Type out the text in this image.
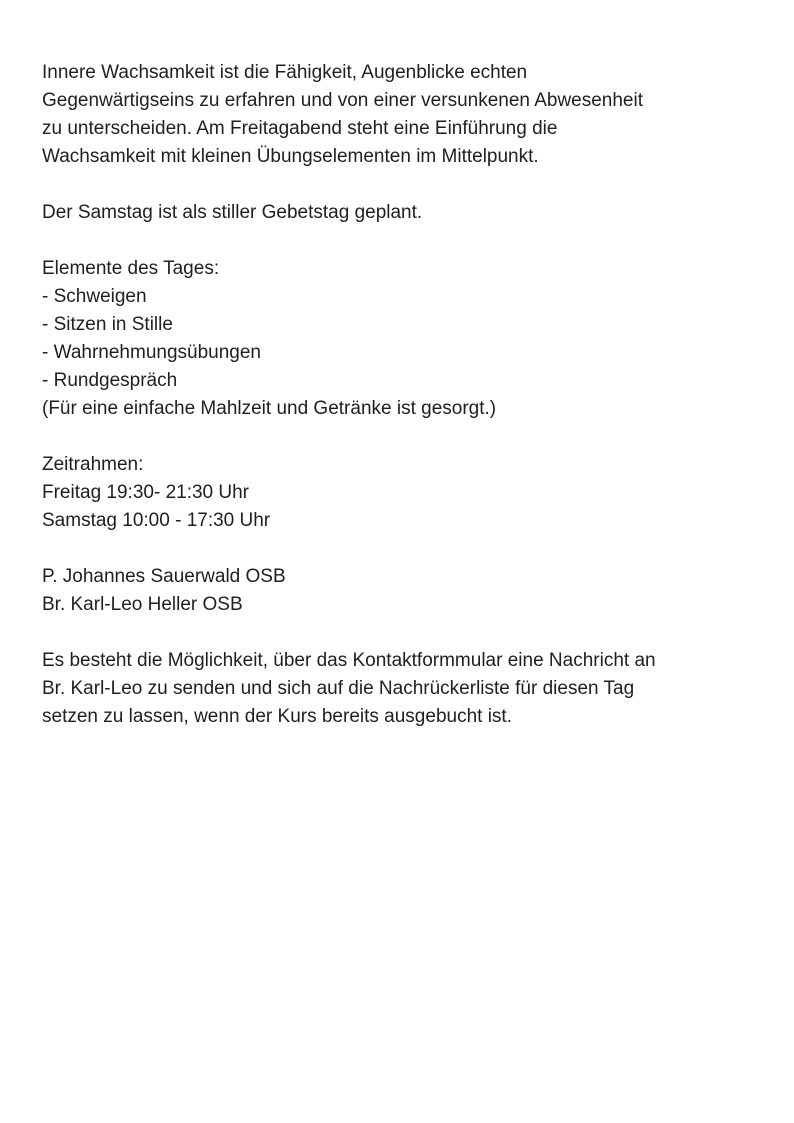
Innere Wachsamkeit ist die Fähigkeit, Augenblicke echten
Gegenwärtigseins zu erfahren und von einer versunkenen Abwesenheit
zu unterscheiden. Am Freitagabend steht eine Einführung die
Wachsamkeit mit kleinen Übungselementen im Mittelpunkt.

Der Samstag ist als stiller Gebetstag geplant.

Elemente des Tages:
- Schweigen
- Sitzen in Stille
- Wahrnehmungsübungen
- Rundgespräch
(Für eine einfache Mahlzeit und Getränke ist gesorgt.)

Zeitrahmen:
Freitag 19:30- 21:30 Uhr
Samstag 10:00 - 17:30 Uhr

P. Johannes Sauerwald OSB
Br. Karl-Leo Heller OSB

Es besteht die Möglichkeit, über das Kontaktformmular eine Nachricht an
Br. Karl-Leo zu senden und sich auf die Nachrückerliste für diesen Tag
setzen zu lassen, wenn der Kurs bereits ausgebucht ist.
